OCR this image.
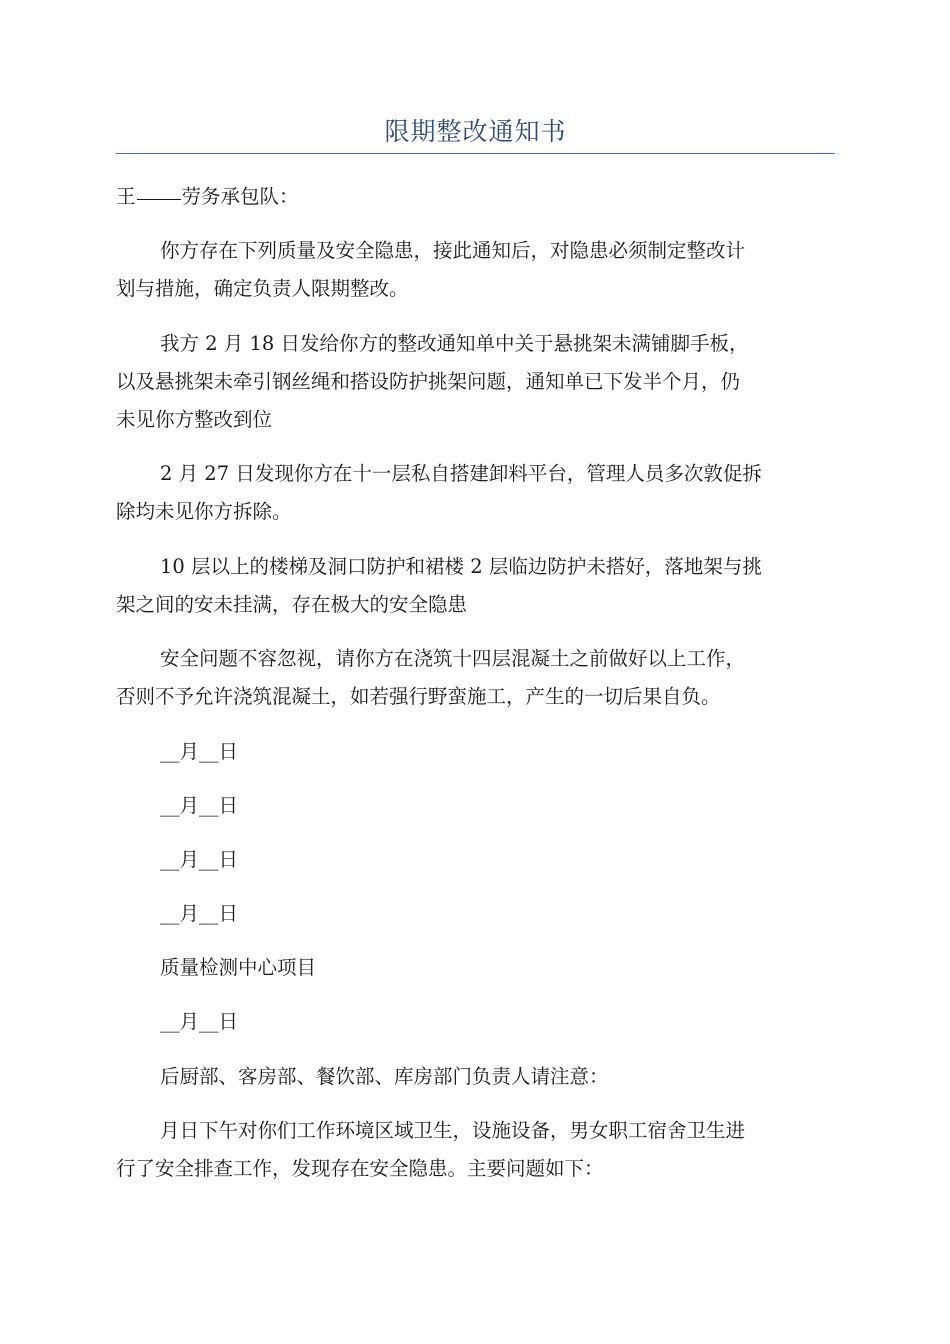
限期整改通知书

王 劳务承包队：

你方存在下列质量及安全隐患，接此通知后，对隐患必须制定整改计

划与措施，确定负责人限期整改。

我方 2 月 18 日发给你方的整改通知单中关于悬挑架未满铺脚手板，

以及悬挑架未牵引钢丝绳和搭设防护挑架问题，通知单已下发半个月，仍

未见你方整改到位

2 月 27 日发现你方在十一层私自搭建卸料平台，管理人员多次敦促拆

除均未见你方拆除。

10 层以上的楼梯及洞口防护和裙楼 2 层临边防护未搭好，落地架与挑

架之间的安未挂满，存在极大的安全隐患

安全问题不容忽视，请你方在浇筑十四层混凝土之前做好以上工作，

否则不予允许浇筑混凝土，如若强行野蛮施工，产生的一切后果自负。

__月__日

__月__日

__月__日

__月__日

质量检测中心项目

__月__日

后厨部、客房部、餐饮部、库房部门负责人请注意：

月日下午对你们工作环境区域卫生，设施设备，男女职工宿舍卫生进

行了安全排查工作，发现存在安全隐患。主要问题如下：
